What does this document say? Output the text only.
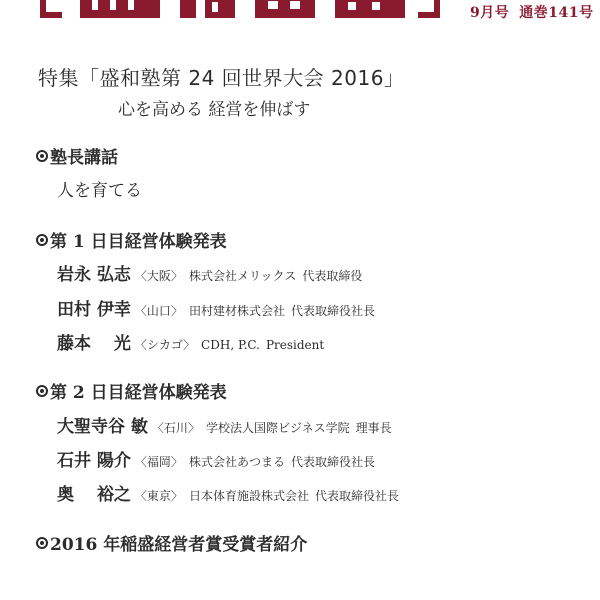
9月号 通巻141号
特集「盛和塾第 24 回世界大会 2016」
心を高める 経営を伸ばす
塾長講話
人を育てる
第 1 日目経営体験発表
岩永 弘志 〈大阪〉 株式会社メリックス 代表取締役
田村 伊幸 〈山口〉 田村建材株式会社 代表取締役社長
藤本　 光 〈シカゴ〉 CDH, P.C. President
第 2 日目経営体験発表
大聖寺谷 敏 〈石川〉 学校法人国際ビジネス学院 理事長
石井 陽介 〈福岡〉 株式会社あつまる 代表取締役社長
奥　 裕之 〈東京〉 日本体育施設株式会社 代表取締役社長
2016 年稲盛経営者賞受賞者紹介
